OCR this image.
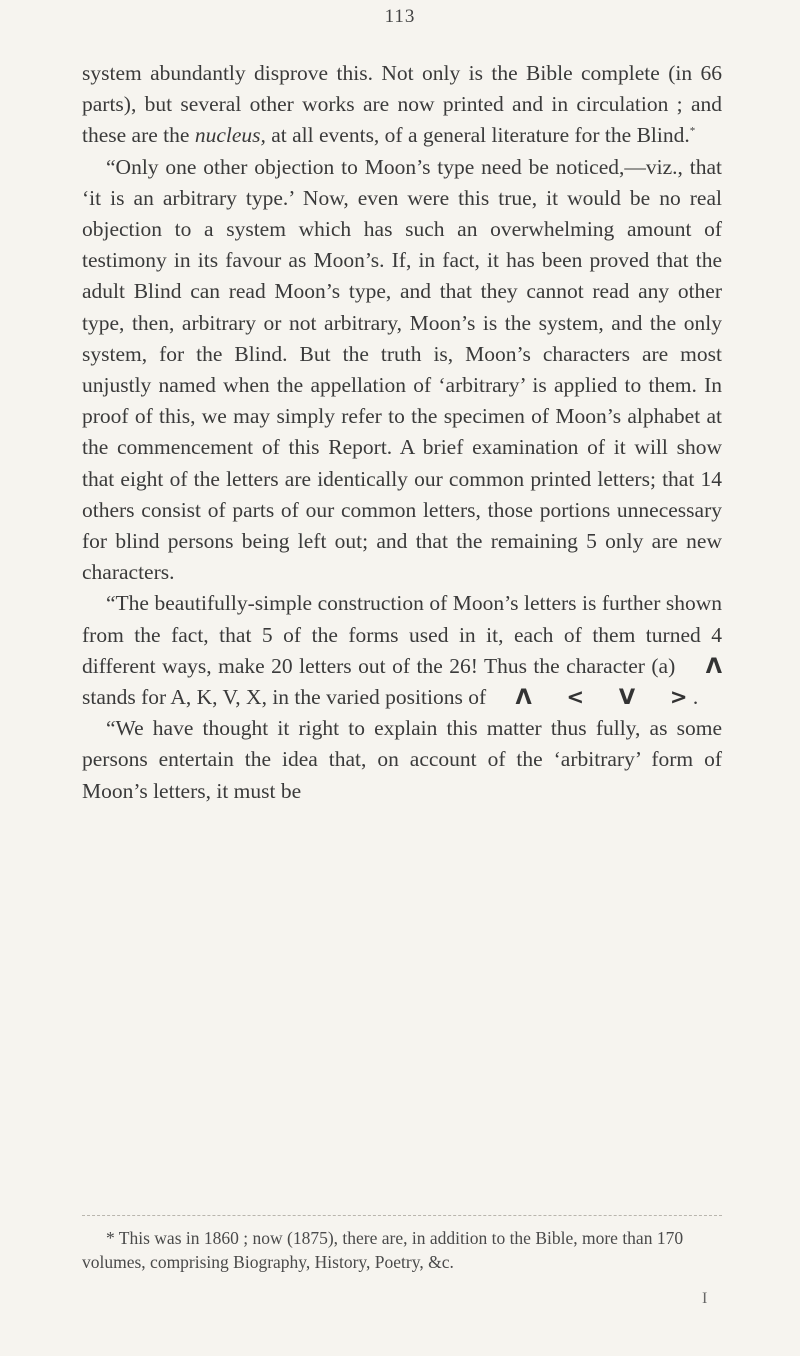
113

system abundantly disprove this. Not only is the Bible complete (in 66 parts), but several other works are now printed and in circulation ; and these are the nucleus, at all events, of a general literature for the Blind.*

“Only one other objection to Moon’s type need be noticed,—viz., that ‘it is an arbitrary type.’ Now, even were this true, it would be no real objection to a system which has such an overwhelming amount of testimony in its favour as Moon’s. If, in fact, it has been proved that the adult Blind can read Moon’s type, and that they cannot read any other type, then, arbitrary or not arbitrary, Moon’s is the system, and the only system, for the Blind. But the truth is, Moon’s characters are most unjustly named when the appellation of ‘arbitrary’ is applied to them. In proof of this, we may simply refer to the specimen of Moon’s alphabet at the commencement of this Report. A brief examination of it will show that eight of the letters are identically our common printed letters; that 14 others consist of parts of our common letters, those portions unnecessary for blind persons being left out; and that the remaining 5 only are new characters.

“The beautifully-simple construction of Moon’s letters is further shown from the fact, that 5 of the forms used in it, each of them turned 4 different ways, make 20 letters out of the 26! Thus the character (a) Λ stands for A, K, V, X, in the varied positions of Λ < V > .

“We have thought it right to explain this matter thus fully, as some persons entertain the idea that, on account of the ‘arbitrary’ form of Moon’s letters, it must be

* This was in 1860 ; now (1875), there are, in addition to the Bible, more than 170 volumes, comprising Biography, History, Poetry, &c.
I
